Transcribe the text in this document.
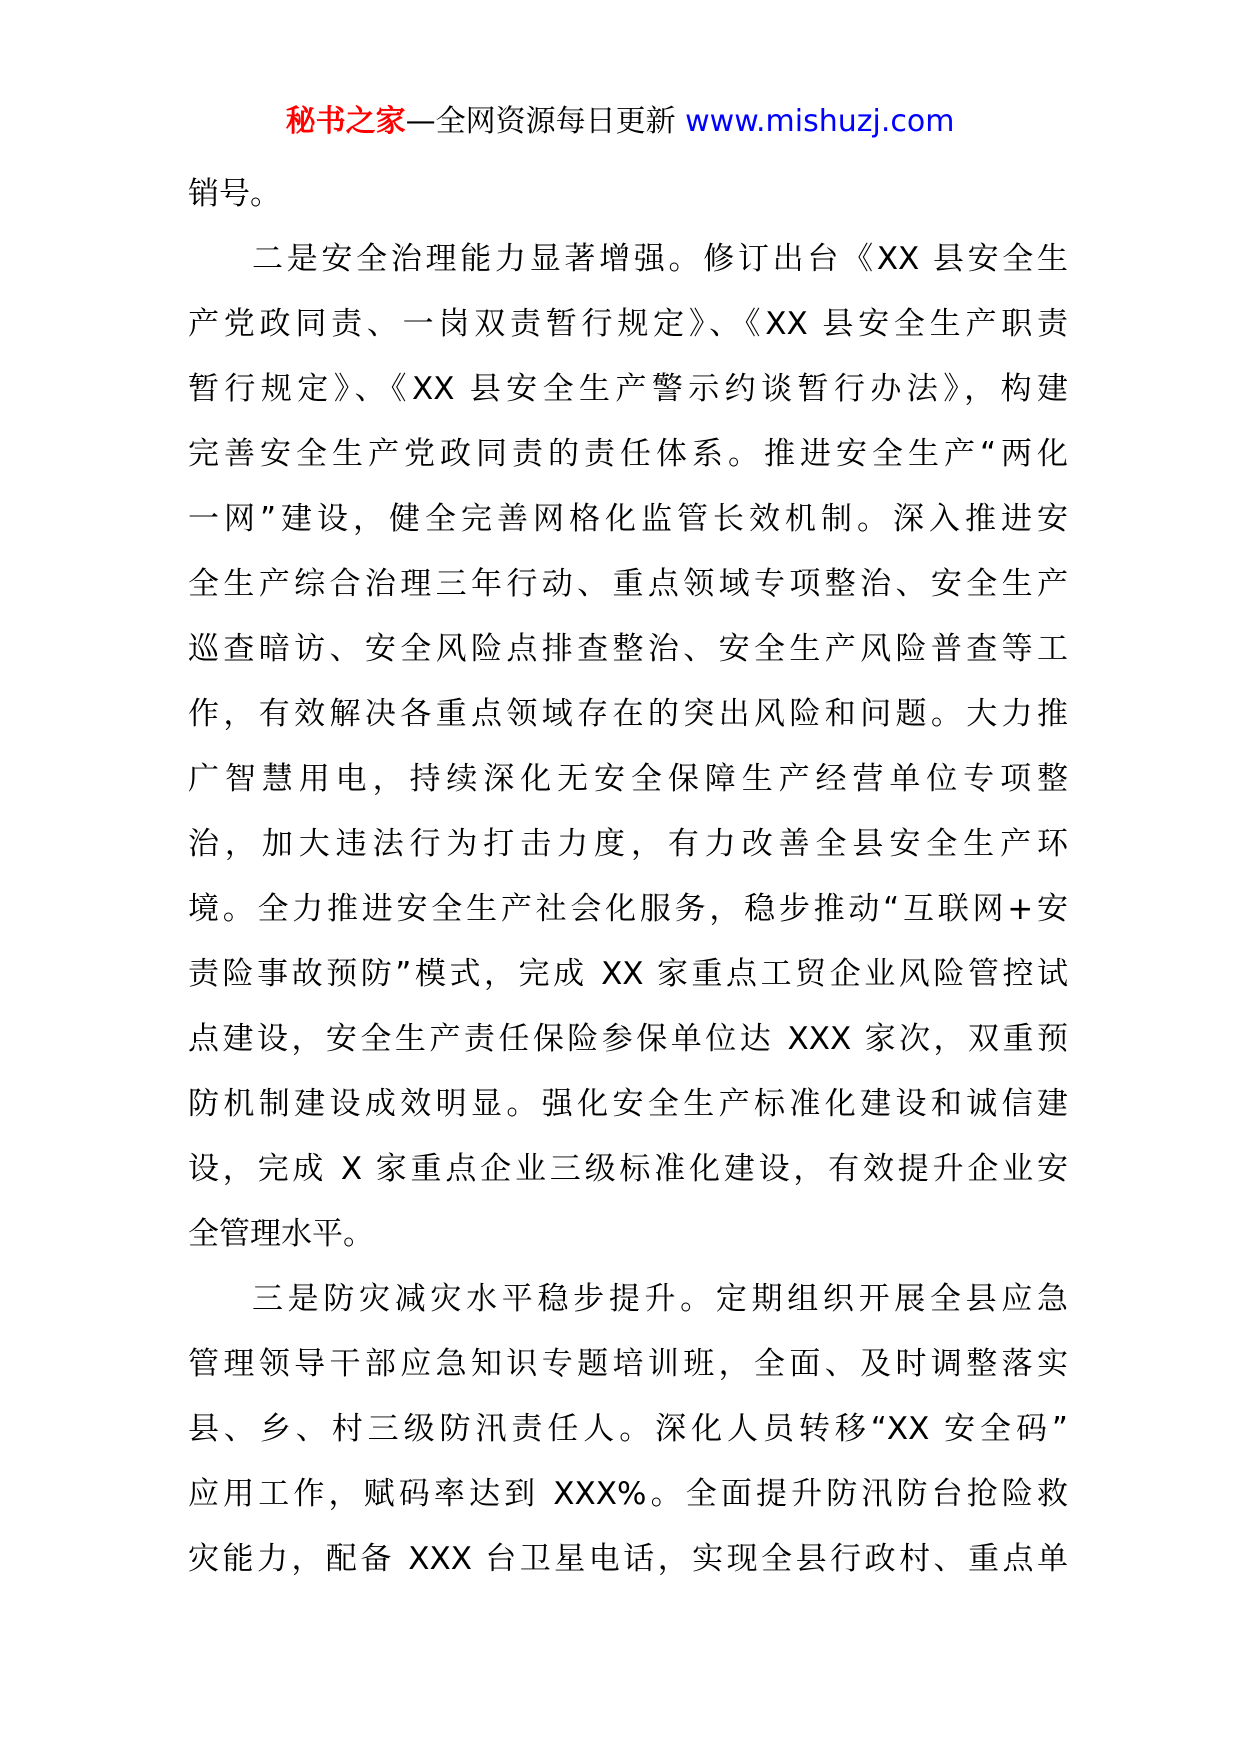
秘书之家—全网资源每日更新 www.mishuzj.com
销号。
二是安全治理能力显著增强。修订出台《XX 县安全生
产党政同责、一岗双责暂行规定》、《XX 县安全生产职责
暂行规定》、《XX 县安全生产警示约谈暂行办法》，构建
完善安全生产党政同责的责任体系。推进安全生产“两化
一网”建设，健全完善网格化监管长效机制。深入推进安
全生产综合治理三年行动、重点领域专项整治、安全生产
巡查暗访、安全风险点排查整治、安全生产风险普查等工
作，有效解决各重点领域存在的突出风险和问题。大力推
广智慧用电，持续深化无安全保障生产经营单位专项整
治，加大违法行为打击力度，有力改善全县安全生产环
境。全力推进安全生产社会化服务，稳步推动“互联网+安
责险事故预防”模式，完成 XX 家重点工贸企业风险管控试
点建设，安全生产责任保险参保单位达 XXX 家次，双重预
防机制建设成效明显。强化安全生产标准化建设和诚信建
设，完成 X 家重点企业三级标准化建设，有效提升企业安
全管理水平。
三是防灾减灾水平稳步提升。定期组织开展全县应急
管理领导干部应急知识专题培训班，全面、及时调整落实
县、乡、村三级防汛责任人。深化人员转移“XX 安全码”
应用工作，赋码率达到 XXX%。全面提升防汛防台抢险救
灾能力，配备 XXX 台卫星电话，实现全县行政村、重点单
